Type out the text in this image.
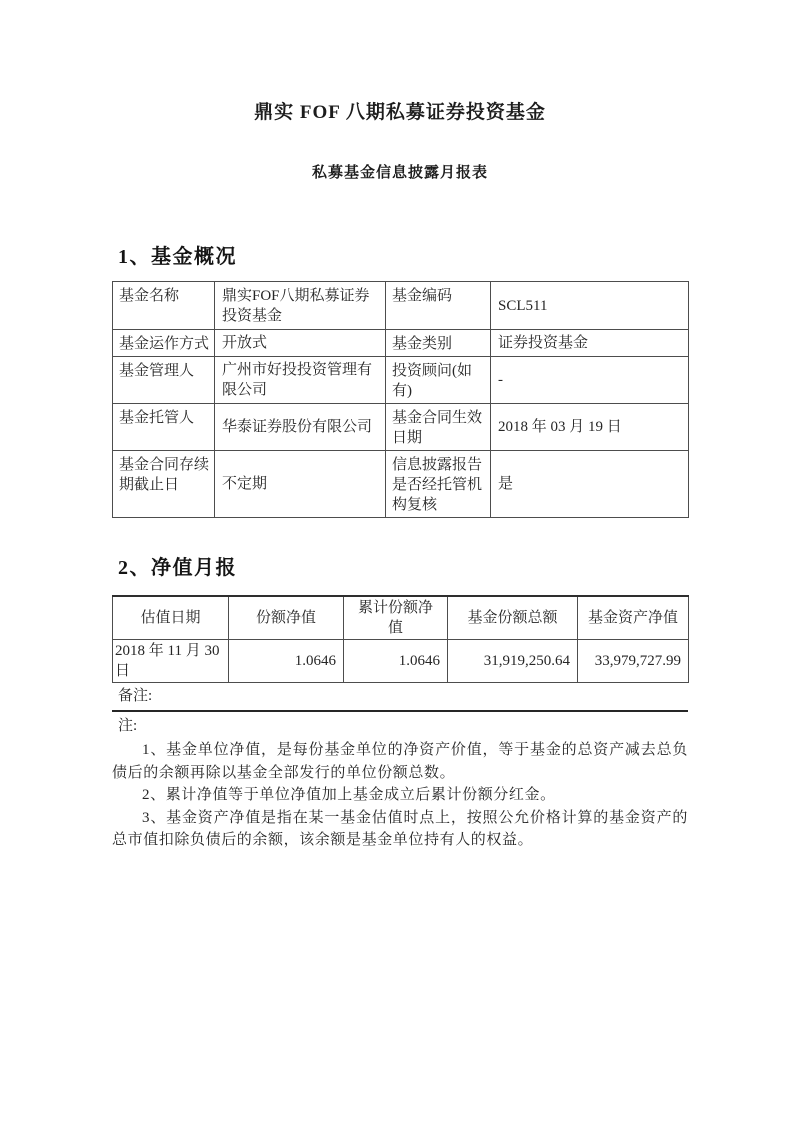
鼎实 FOF 八期私募证券投资基金
私募基金信息披露月报表
1、基金概况
基金名称	鼎实FOF八期私募证券投资基金	基金编码	SCL511
基金运作方式	开放式	基金类别	证券投资基金
基金管理人	广州市好投投资管理有限公司	投资顾问(如有)	-
基金托管人	华泰证券股份有限公司	基金合同生效日期	2018 年 03 月 19 日
基金合同存续期截止日	不定期	信息披露报告是否经托管机构复核	是
2、净值月报
估值日期	份额净值	累计份额净值	基金份额总额	基金资产净值
2018 年 11 月 30 日	1.0646	1.0646	31,919,250.64	33,979,727.99
备注:
注:

1、基金单位净值，是每份基金单位的净资产价值，等于基金的总资产减去总负债后的余额再除以基金全部发行的单位份额总数。

2、累计净值等于单位净值加上基金成立后累计份额分红金。

3、基金资产净值是指在某一基金估值时点上，按照公允价格计算的基金资产的总市值扣除负债后的余额，该余额是基金单位持有人的权益。
